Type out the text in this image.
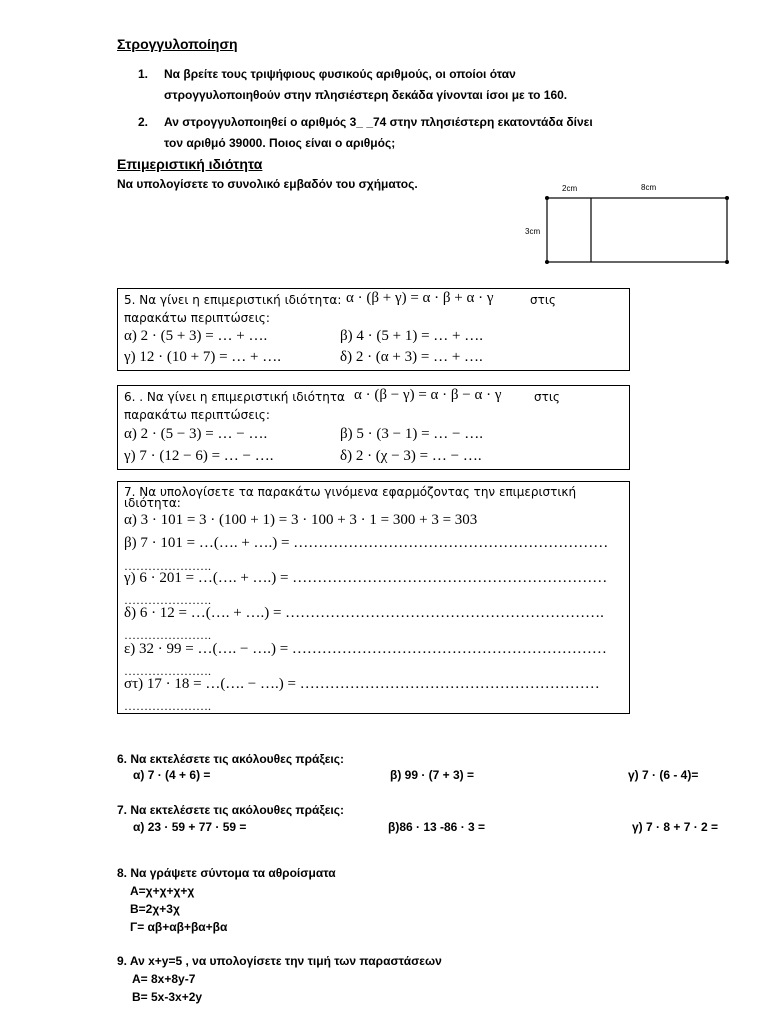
Στρογγυλοποίηση
1. Να βρείτε τους τριψήφιους φυσικούς αριθμούς, οι οποίοι όταν
στρογγυλοποιηθούν στην πλησιέστερη δεκάδα γίνονται ίσοι με το 160.
2. Αν στρογγυλοποιηθεί ο αριθμός 3_ _74 στην πλησιέστερη εκατοντάδα δίνει
τον αριθμό 39000. Ποιος είναι ο αριθμός;
Επιμεριστική ιδιότητα
Να υπολογίσετε το συνολικό εμβαδόν του σχήματος.	2cm	8cm
3cm
5. Να γίνει η επιμεριστική ιδιότητα: α · (β + γ) = α · β + α · γ	στις
παρακάτω περιπτώσεις:
α) 2 · (5 + 3) = … + ….	β) 4 · (5 + 1) = … + ….
γ) 12 · (10 + 7) = … + ….	δ) 2 · (α + 3) = … + ….
6. . Να γίνει η επιμεριστική ιδιότητα α · (β − γ) = α · β − α · γ	στις
παρακάτω περιπτώσεις:
α) 2 · (5 − 3) = … − ….	β) 5 · (3 − 1) = … − ….
γ) 7 · (12 − 6) = … − ….	δ) 2 · (χ − 3) = … − ….
7. Να υπολογίσετε τα παρακάτω γινόμενα εφαρμόζοντας την επιμεριστική
ιδιότητα:
α) 3 · 101 = 3 · (100 + 1) = 3 · 100 + 3 · 1 = 300 + 3 = 303
β) 7 · 101 = …(…. + ….) = ………………………………………………………
………………….
γ) 6 · 201 = …(…. + ….) = ………………………………………………………
………………….
δ) 6 · 12 = …(…. + ….) = ……………………………………………………….
………………….
ε) 32 · 99 = …(…. − ….) = ………………………………………………………
………………….
στ) 17 · 18 = …(…. − ….) = ……………………………………………………
………………….
6. Να εκτελέσετε τις ακόλουθες πράξεις:
α) 7 · (4 + 6) =	β) 99 · (7 + 3) =	γ) 7 · (6 - 4)=
7. Να εκτελέσετε τις ακόλουθες πράξεις:
α) 23 · 59 + 77 · 59 =	β)86 · 13 -86 · 3 =	γ) 7 · 8 + 7 · 2 =
8. Να γράψετε σύντομα τα αθροίσματα
Α=χ+χ+χ+χ
Β=2χ+3χ
Γ= αβ+αβ+βα+βα
9. Αν x+y=5 , να υπολογίσετε την τιμή των παραστάσεων
Α= 8x+8y-7
Β= 5x-3x+2y
